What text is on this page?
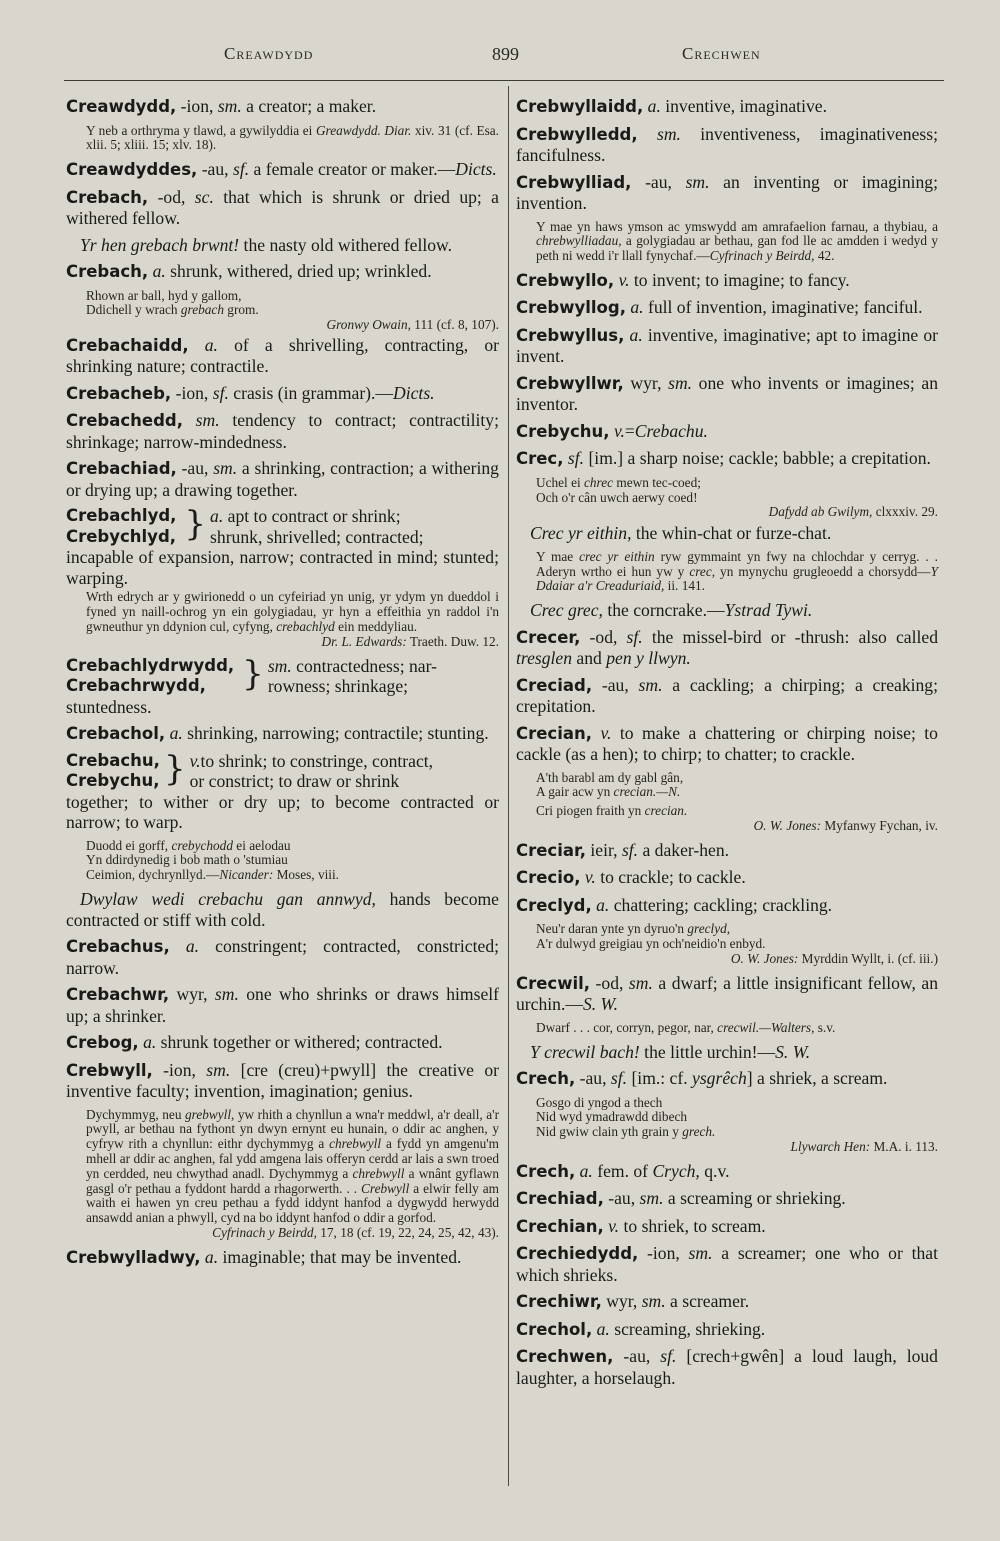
Creawdydd	899	Crechwen

Creawdydd, -ion, sm. a creator; a maker.

Y neb a orthryma y tlawd, a gywilyddia ei Greawdydd. Diar. xiv. 31 (cf. Esa. xlii. 5; xliii. 15; xlv. 18).

Creawdyddes, -au, sf. a female creator or maker.—Dicts.

Crebach, -od, sc. that which is shrunk or dried up; a withered fellow.

Yr hen grebach brwnt! the nasty old withered fellow.

Crebach, a. shrunk, withered, dried up; wrinkled.

Rhown ar ball, hyd y gallom,
Ddichell y wrach grebach grom.
Gronwy Owain, 111 (cf. 8, 107).

Crebachaidd, a. of a shrivelling, contracting, or shrinking nature; contractile.

Crebacheb, -ion, sf. crasis (in grammar).—Dicts.

Crebachedd, sm. tendency to contract; contractility; shrinkage; narrow-mindedness.

Crebachiad, -au, sm. a shrinking, contraction; a withering or drying up; a drawing together.

Crebachlyd,
Crebychlyd, } a. apt to contract or shrink;
shrunk, shrivelled; contracted;
incapable of expansion, narrow; contracted in mind; stunted; warping.
Wrth edrych ar y gwirionedd o un cyfeiriad yn unig, yr ydym yn dueddol i fyned yn naill-ochrog yn ein golygiadau, yr hyn a effeithia yn raddol i'n gwneuthur yn ddynion cul, cyfyng, crebachlyd ein meddyliau.
Dr. L. Edwards: Traeth. Duw. 12.
Crebachlydrwydd,
Crebachrwydd,	} sm. contractedness; nar-
rowness; shrinkage;
stuntedness.

Crebachol, a. shrinking, narrowing; contractile; stunting.

Crebachu,
Crebychu, } v.to shrink; to constringe, contract,
or constrict; to draw or shrink
together; to wither or dry up; to become contracted or narrow; to warp.
Duodd ei gorff, crebychodd ei aelodau
Yn ddirdynedig i bob math o 'stumiau
Ceimion, dychrynllyd.—Nicander: Moses, viii.

Dwylaw wedi crebachu gan annwyd, hands become contracted or stiff with cold.

Crebachus, a. constringent; contracted, constricted; narrow.

Crebachwr, wyr, sm. one who shrinks or draws himself up; a shrinker.

Crebog, a. shrunk together or withered; contracted.

Crebwyll, -ion, sm. [cre (creu)+pwyll] the creative or inventive faculty; invention, imagination; genius.

Dychymmyg, neu grebwyll, yw rhith a chynllun a wna'r meddwl, a'r deall, a'r pwyll, ar bethau na fythont yn dwyn ernynt eu hunain, o ddir ac anghen, y cyfryw rith a chynllun: eithr dychymmyg a chrebwyll a fydd yn amgenu'm mhell ar ddir ac anghen, fal ydd amgena lais offeryn cerdd ar lais a swn troed yn cerdded, neu chwythad anadl. Dychymmyg a chrebwyll a wnânt gyflawn gasgl o'r pethau a fyddont hardd a rhagorwerth. . . Crebwyll a elwir felly am waith ei hawen yn creu pethau a fydd iddynt hanfod a dygwydd herwydd ansawdd anian a phwyll, cyd na bo iddynt hanfod o ddir a gorfod.
Cyfrinach y Beirdd, 17, 18 (cf. 19, 22, 24, 25, 42, 43).

Crebwylladwy, a. imaginable; that may be invented.

Crebwyllaidd, a. inventive, imaginative.

Crebwylledd, sm. inventiveness, imaginativeness; fancifulness.

Crebwylliad, -au, sm. an inventing or imagining; invention.

Y mae yn haws ymson ac ymswydd am amrafaelion farnau, a thybiau, a chrebwylliadau, a golygiadau ar bethau, gan fod lle ac amdden i wedyd y peth ni wedd i'r llall fynychaf.—Cyfrinach y Beirdd, 42.

Crebwyllo, v. to invent; to imagine; to fancy.

Crebwyllog, a. full of invention, imaginative; fanciful.

Crebwyllus, a. inventive, imaginative; apt to imagine or invent.

Crebwyllwr, wyr, sm. one who invents or imagines; an inventor.

Crebychu, v.=Crebachu.

Crec, sf. [im.] a sharp noise; cackle; babble; a crepitation.

Uchel ei chrec mewn tec-coed;
Och o'r cân uwch aerwy coed!
Dafydd ab Gwilym, clxxxiv. 29.

Crec yr eithin, the whin-chat or furze-chat.

Y mae crec yr eithin ryw gymmaint yn fwy na chlochdar y cerryg. . . Aderyn wrtho ei hun yw y crec, yn mynychu grugleoedd a chorsydd—Y Ddaiar a'r Creaduriaid, ii. 141.

Crec grec, the corncrake.—Ystrad Tywi.

Crecer, -od, sf. the missel-bird or -thrush: also called tresglen and pen y llwyn.

Creciad, -au, sm. a cackling; a chirping; a creaking; crepitation.

Crecian, v. to make a chattering or chirping noise; to cackle (as a hen); to chirp; to chatter; to crackle.

A'th barabl am dy gabl gân,
A gair acw yn crecian.—N.
Cri piogen fraith yn crecian.
O. W. Jones: Myfanwy Fychan, iv.

Creciar, ieir, sf. a daker-hen.

Crecio, v. to crackle; to cackle.

Creclyd, a. chattering; cackling; crackling.

Neu'r daran ynte yn dyruo'n greclyd,
A'r dulwyd greigiau yn och'neidio'n enbyd.
O. W. Jones: Myrddin Wyllt, i. (cf. iii.)

Crecwil, -od, sm. a dwarf; a little insignificant fellow, an urchin.—S. W.

Dwarf . . . cor, corryn, pegor, nar, crecwil.—Walters, s.v.

Y crecwil bach! the little urchin!—S. W.

Crech, -au, sf. [im.: cf. ysgrêch] a shriek, a scream.

Gosgo di yngod a thech
Nid wyd ymadrawdd dibech
Nid gwiw clain yth grain y grech.
Llywarch Hen: M.A. i. 113.

Crech, a. fem. of Crych, q.v.

Crechiad, -au, sm. a screaming or shrieking.

Crechian, v. to shriek, to scream.

Crechiedydd, -ion, sm. a screamer; one who or that which shrieks.

Crechiwr, wyr, sm. a screamer.

Crechol, a. screaming, shrieking.

Crechwen, -au, sf. [crech+gwên] a loud laugh, loud laughter, a horselaugh.
